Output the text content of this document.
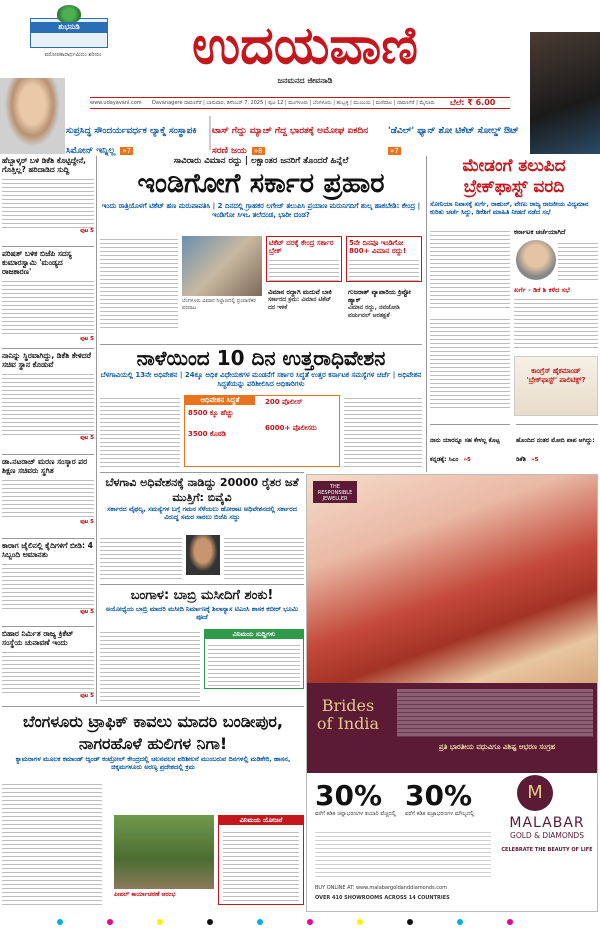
ಶುಭನುಡಿ
ಪರೋಪಕಾರಾರ್ಥಮಿದಂ ಶರೀರಂ	ಉದಯವಾಣಿ
ಜನಮನದ ಜೀವನಾಡಿ
www.udayavani.com Davanagere ದಾವಣಗೆರೆ | ಭಾನುವಾರ, ಡಿಸೆಂಬರ್ 7, 2025 | ಪುಟ 12 | ಮಂಗಳೂರು | ಬೆಂಗಳೂರು | ಹುಬ್ಬಳ್ಳಿ | ಮುಂಬಯಿ | ಮಣಿಪಾಲ | ದಾವಣಗೆರೆ | ಮೈಸೂರು	ಬೆಲೆ: ₹ 6.00
ಸುಪ್ರಸಿದ್ಧ ಸೌಂದರ್ಯವರ್ಧಕ ಲ್ಯಾಕ್ಮೆ ಸಂಸ್ಥಾಪಕಿ ಸಿಮೋನ್ ಇನ್ನಿಲ್ಲ »7
ಟಾಸ್ ಗೆದ್ದು ಮ್ಯಾಚ್ ಗೆದ್ದ ಭಾರತಕ್ಕೆ ಅಮೋಘ ಏಕದಿನ ಸರಣಿ ಜಯ »8
'ಡೆವಿಲ್' ಫ್ಯಾನ್ ಶೋ ಟಿಕೆಟ್ ಸೋಲ್ಡ್ ಔಟ್ »7
ಹೆಬ್ಬಾಳ್ಕರ್ ಬಳಿ ಡಿಕೆಶಿ ಕೊಟ್ಟಿದ್ದೇನೆ, ಗೊತ್ತಿಲ್ಲ? ಹರಿದಾಡಿದ ಸುದ್ದಿ
ಪುಟ 5
ಪರಿಷತ್ ಬಳಿಕ ಬಿಜೆಪಿ ಸದಸ್ಯ ಕುಮಾರಸ್ವಾಮಿ 'ಮಂಡ್ಯದ ರಾಜಕಾರಣ'
ಪುಟ 5
ನಾನಿನ್ನು ಸ್ಥಿರವಾಗಿದ್ದು, ಡಿಕೆಶಿ ಕೇಳಿದರೆ ಸಚಿವ ಸ್ಥಾನ ಕೊಡುವೆ
ಪುಟ 5
ಡಾ.ನಟರಾಜ್ ಮರಣ ಸಂಸ್ಕಾರ ಪರ ಶಿಕ್ಷಣ ಸಚಿವರು ಸ್ಥಗಿತ
ಪುಟ 5
ಕಾರಾಗ ಜೈಲಿನಲ್ಲಿ ಕೈದಿಗಳಿಗೆ ಬೀಡಿ: 4 ಸಿಬ್ಬಂದಿ ಅಮಾನತು
ಪುಟ 5
ಬಿಹಾರ ನಿರ್ಮಿತ ರಾಜ್ಯ ಕ್ರಿಕೆಟ್ ಸಂಸ್ಥೆಯ ಚುನಾವಣೆ ಇಂದು
ಪುಟ 5
ಸಾವಿರಾರು ವಿಮಾನ ರದ್ದು | ಲಕ್ಷಾಂತರ ಜನರಿಗೆ ತೊಂದರೆ ಹಿನ್ನೆಲೆ
ಇಂಡಿಗೋಗೆ ಸರ್ಕಾರ ಪ್ರಹಾರ
ಇಂದು ರಾತ್ರಿಯೊಳಗೆ ಟಿಕೆಟ್ ಹಣ ಮರುಪಾವತಿಸಿ | 2 ದಿನದಲ್ಲಿ ಗ್ರಾಹಕರ ಲಗೇಜ್ ತಲುಪಿಸಿ ಪ್ರಯಾಣ ಮರುನಿಗದಿಗೆ ಶುಲ್ಕ ಹಾಕಬೇಡಿ: ಕೇಂದ್ರ | ಇಂಡಿಗೋ ಸಿಇಒ ತಲೆದಂಡ, ಭಾರೀ ದಂಡ?
ಬೆಂಗಳೂರು ವಿಮಾನ ನಿಲ್ದಾಣದಲ್ಲಿ ಪ್ರಯಾಣಿಕರ ಪರದಾಟ
ಟಿಕೆಟ್ ದರಕ್ಕೆ ಕೇಂದ್ರ ಸರ್ಕಾರ ಬ್ರೇಕ್
5ನೇ ದಿನವೂ ಇಂಡಿಗೋ 800+ ವಿಮಾನ ರದ್ದು!
ವಿಮಾನ ರದ್ದಾಗಿ ಮದುವೆ ಬಾಕಿ
ಸರ್ಕಾರದ ಕ್ರಮ: ವಿಮಾನ ಟಿಕೆಟ್ ದರ ಇಳಿಕೆ
ಗುಜರಾತ್ ವ್ಯಾಪಾರಿಯ ಕ್ರಿಪ್ಟೋ ಹ್ಯಾಕ್
ವಿಮಾನ ರದ್ದು, ನವಜೋಡಿ ವರ್ಚುವಲ್ ಆರತಕ್ಷತೆ
ನಾಳೆಯಿಂದ 10 ದಿನ ಉತ್ತರಾಧಿವೇಶನ
ಬೆಳಗಾವಿಯಲ್ಲಿ 13ನೇ ಅಧಿವೇಶನ | 24ಕ್ಕೂ ಅಧಿಕ ವಿಧೇಯಕಗಳ ಮಂಡನೆಗೆ ಸರ್ಕಾರ ಸಿದ್ಧತೆ ಉತ್ತರ ಕರ್ನಾಟಕ ಸಮಸ್ಯೆಗಳ ಚರ್ಚೆ | ಅಧಿವೇಶನ ಸಿದ್ಧತೆಯನ್ನು ಪರಿಶೀಲಿಸಿದ ಅಧಿಕಾರಿಗಳು
ಅಧಿವೇಶನ ಸಿದ್ಧತೆ
8500 ಕ್ಕೂ ಹೆಚ್ಚು
3500 ಕೊಠಡಿ
200 ಪೊಲೀಸ್
6000+ ಪೊಲೀಸರು
ಬೆಳಗಾವಿ ಅಧಿವೇಶನಕ್ಕೆ ನಾಡಿದ್ದು 20000 ರೈತರ ಜತೆ ಮುತ್ತಿಗೆ: ಬಿವೈವಿ
ಸರ್ಕಾರದ ವೈಫಲ್ಯ, ಸಮಸ್ಯೆಗಳ ಬಗ್ಗೆ ಗಮನ ಸೆಳೆಯಲು ಹೋರಾಟ ಅಧಿವೇಶನದಲ್ಲಿ ಸರ್ಕಾರದ ವಿರುದ್ಧ ಸಮರ ಸಾರಲು ಬಿಜೆಪಿ ಸಜ್ಜು
ಬಂಗಾಳ: ಬಾಬ್ರಿ ಮಸೀದಿಗೆ ಶಂಕು!
ಅಯೋಧ್ಯೆಯ ಬಾಬ್ರಿ ಮಾದರಿ ಮಸೀದಿ ನಿರ್ಮಾಣಕ್ಕೆ ಶಿಲಾನ್ಯಾಸ ಟಿಎಂಸಿ ಶಾಸಕ ಕಬೀರ್ ಭೂಮಿ ಪೂಜೆ
ವಿನಿಮಯ ಸುದ್ದಿಗಳು
ಮೇಡಂಗೆ ತಲುಪಿದ ಬ್ರೇಕ್‌ಫಾಸ್ಟ್ ವರದಿ
ಸೋನಿಯಾ ನಿವಾಸಕ್ಕೆ ಖರ್ಗೆ, ರಾಹುಲ್, ವೇಣು ರಾಜ್ಯ ರಾಜಕೀಯ ವಿದ್ಯಮಾನ ಕುರಿತು ಚರ್ಚೆ ಸಿದ್ದು, ಡಿಕೆಶಿಗೆ ಮಾಹಿತಿ ನೀಡದೆ ನಡೆದ ಸಭೆ
ಕರ್ನಾಟಕ ಚರ್ಚೆಯಾಗಿದೆ
ಖರ್ಗೆ - ಡಿಕೆ ಶಿ ಕಳೆದ ಸಭೆ
ಕಾಂಗ್ರೆಸ್ ಹೈಕಮಾಂಡ್ 'ಬ್ರೇಕ್‌ಫಾಸ್ಟ್' ಪಾಲಿಟಿಕ್ಸ್?
ನಾನು ಯಾರನ್ನೂ ಸಹ ಕೇಳಲ್ಲ ಕೊಟ್ಟ ಕನ್ನಡಕ್ಕೆ: ಸಿಎಂ »5
ಹೊಂದಿದ ನಂತರ ಮೋದಿ ಪಾಪ ಆಗಿದ್ದು: ಡಿಕೆಶಿ »5
THE RESPONSIBLE JEWELLER
Brides of India
ಪ್ರತಿ ಭಾರತೀಯ ವಧುವಿಗೂ ವಿಶಿಷ್ಟ ಆಭರಣ ಸಂಗ್ರಹ
30%
ವರೆಗೆ ಕಡಿತ ಚಿನ್ನಾಭರಣಗಳ ತಯಾರಿ ವೆಚ್ಚದಲ್ಲಿ
30%
ವರೆಗೆ ಕಡಿತ ವಜ್ರಾಭರಣಗಳ ಮೌಲ್ಯದಲ್ಲಿ
M
MALABAR
GOLD & DIAMONDS
CELEBRATE THE BEAUTY OF LIFE
BUY ONLINE AT: www.malabargoldanddiamonds.com
OVER 410 SHOWROOMS ACROSS 14 COUNTRIES
ಬೆಂಗಳೂರು ಟ್ರಾಫಿಕ್ ಕಾವಲು ಮಾದರಿ ಬಂಡೀಪುರ, ನಾಗರಹೊಳೆ ಹುಲಿಗಳ ನಿಗಾ!
ಕ್ಯಾಮರಾಗಳ ಮೂಲಕ ಕಮಾಂಡ್ ಆ್ಯಂಡ್ ಕಂಟ್ರೋಲ್ ಕೇಂದ್ರದಲ್ಲಿ ಚಲನವಲನ ಪರಿಶೀಲನೆ ಮುಂಬರುವ ದಿನಗಳಲ್ಲಿ ಮಡಿಕೇರಿ, ಹಾಸನ, ಚಿಕ್ಕಮಗಳೂರು ಅರಣ್ಯ ಪ್ರದೇಶದಲ್ಲಿ ಕ್ರಮ
ಪೀಪಲ್ ಕಾರ್ಯಾಚರಣೆ ಆರಂಭ
ವಿನಿಮಯ ಯೋಜನೆ
